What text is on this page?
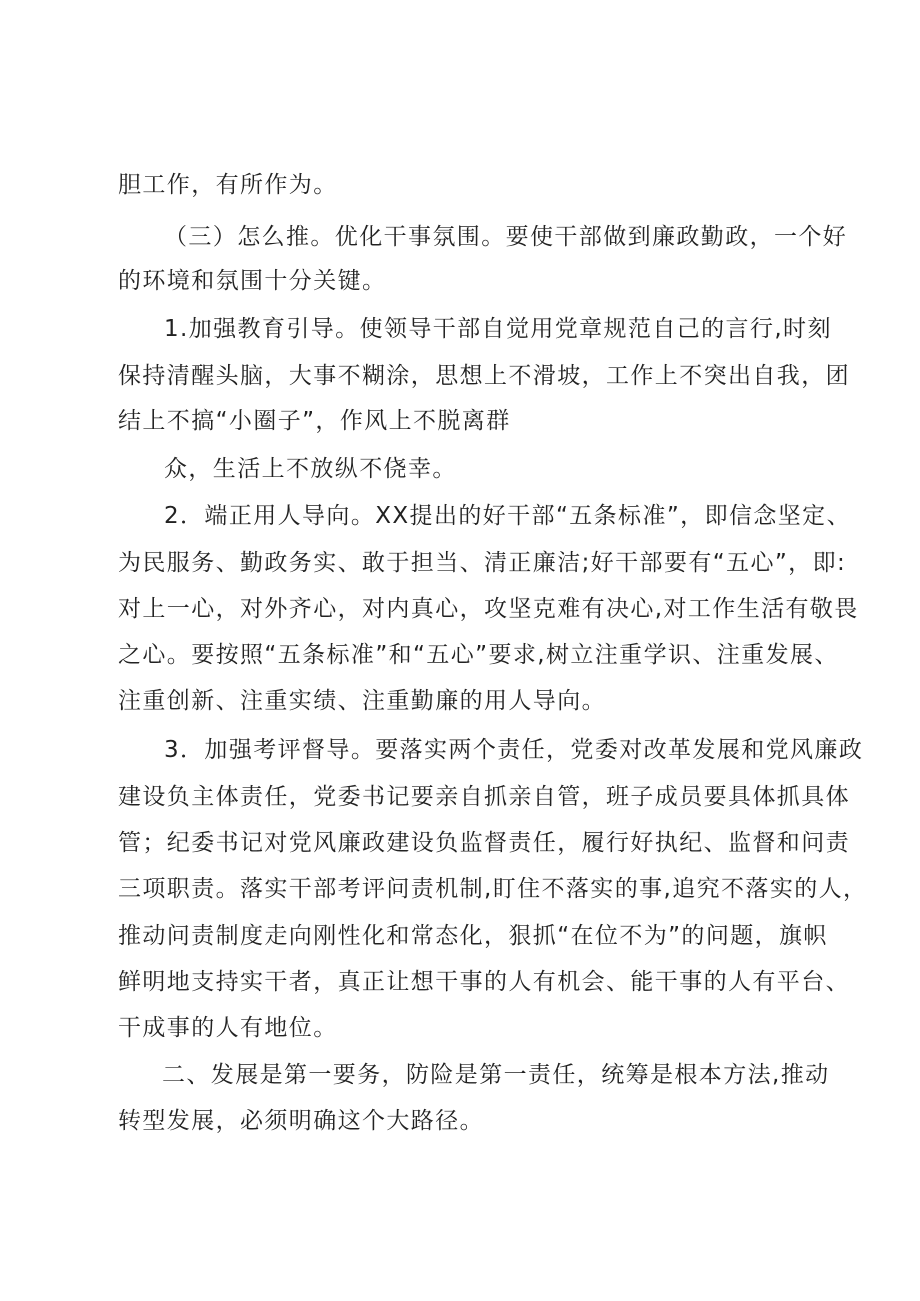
胆工作，有所作为。
（三）怎么推。优化干事氛围。要使干部做到廉政勤政，一个好
的环境和氛围十分关键。
1.加强教育引导。使领导干部自觉用党章规范自己的言行,时刻
保持清醒头脑，大事不糊涂，思想上不滑坡，工作上不突出自我，团
结上不搞“小圈子”，作风上不脱离群
众，生活上不放纵不侥幸。
2．端正用人导向。XX提出的好干部“五条标准”，即信念坚定、
为民服务、勤政务实、敢于担当、清正廉洁;好干部要有“五心”，即:
对上一心，对外齐心，对内真心，攻坚克难有决心,对工作生活有敬畏
之心。要按照“五条标准”和“五心”要求,树立注重学识、注重发展、
注重创新、注重实绩、注重勤廉的用人导向。
3．加强考评督导。要落实两个责任，党委对改革发展和党风廉政
建设负主体责任，党委书记要亲自抓亲自管，班子成员要具体抓具体
管；纪委书记对党风廉政建设负监督责任，履行好执纪、监督和问责
三项职责。落实干部考评问责机制,盯住不落实的事,追究不落实的人，
推动问责制度走向刚性化和常态化，狠抓“在位不为”的问题，旗帜
鲜明地支持实干者，真正让想干事的人有机会、能干事的人有平台、
干成事的人有地位。
二、发展是第一要务，防险是第一责任，统筹是根本方法,推动
转型发展，必须明确这个大路径。
